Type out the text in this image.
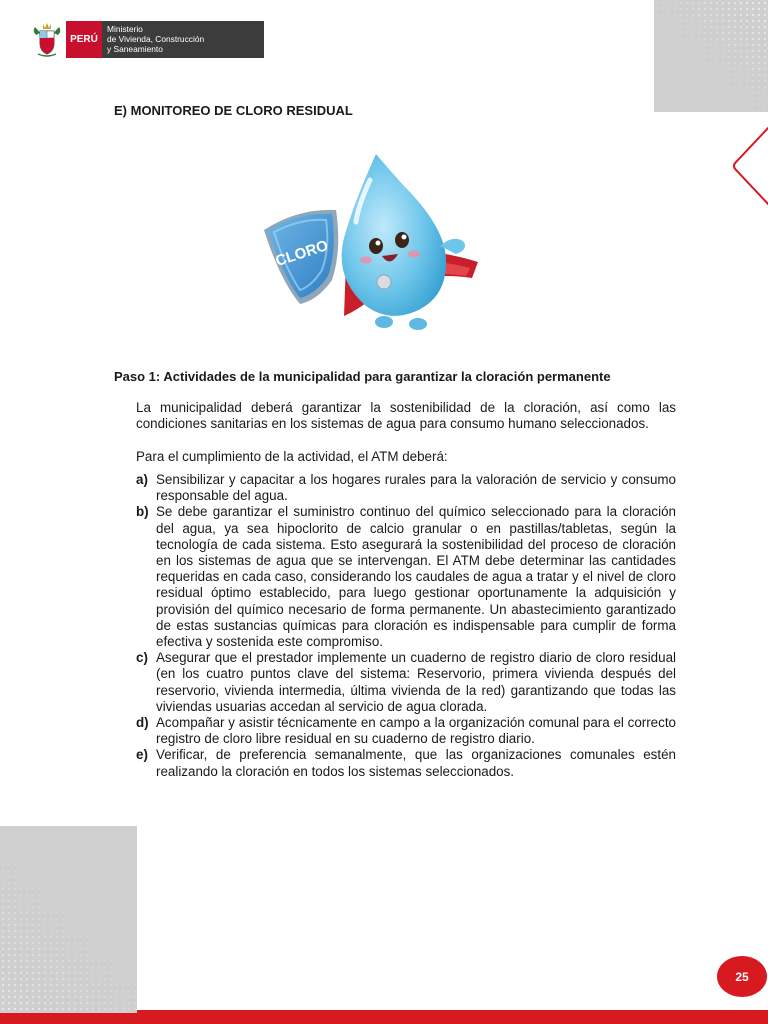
PERÚ
Ministerio
de Vivienda, Construcción
y Saneamiento
E) MONITOREO DE CLORO RESIDUAL
CLORO
Paso 1: Actividades de la municipalidad para garantizar la cloración permanente

La municipalidad deberá garantizar la sostenibilidad de la cloración, así como las condiciones sanitarias en los sistemas de agua para consumo humano seleccionados.

Para el cumplimiento de la actividad, el ATM deberá:

a) Sensibilizar y capacitar a los hogares rurales para la valoración de servicio y consumo responsable del agua.
b) Se debe garantizar el suministro continuo del químico seleccionado para la cloración del agua, ya sea hipoclorito de calcio granular o en pastillas/tabletas, según la tecnología de cada sistema. Esto asegurará la sostenibilidad del proceso de cloración en los sistemas de agua que se intervengan. El ATM debe determinar las cantidades requeridas en cada caso, considerando los caudales de agua a tratar y el nivel de cloro residual óptimo establecido, para luego gestionar oportunamente la adquisición y provisión del químico necesario de forma permanente. Un abastecimiento garantizado de estas sustancias químicas para cloración es indispensable para cumplir de forma efectiva y sostenida este compromiso.
c) Asegurar que el prestador implemente un cuaderno de registro diario de cloro residual (en los cuatro puntos clave del sistema: Reservorio, primera vivienda después del reservorio, vivienda intermedia, última vivienda de la red) garantizando que todas las viviendas usuarias accedan al servicio de agua clorada.
d) Acompañar y asistir técnicamente en campo a la organización comunal para el correcto registro de cloro libre residual en su cuaderno de registro diario.
e) Verificar, de preferencia semanalmente, que las organizaciones comunales estén realizando la cloración en todos los sistemas seleccionados.
25
